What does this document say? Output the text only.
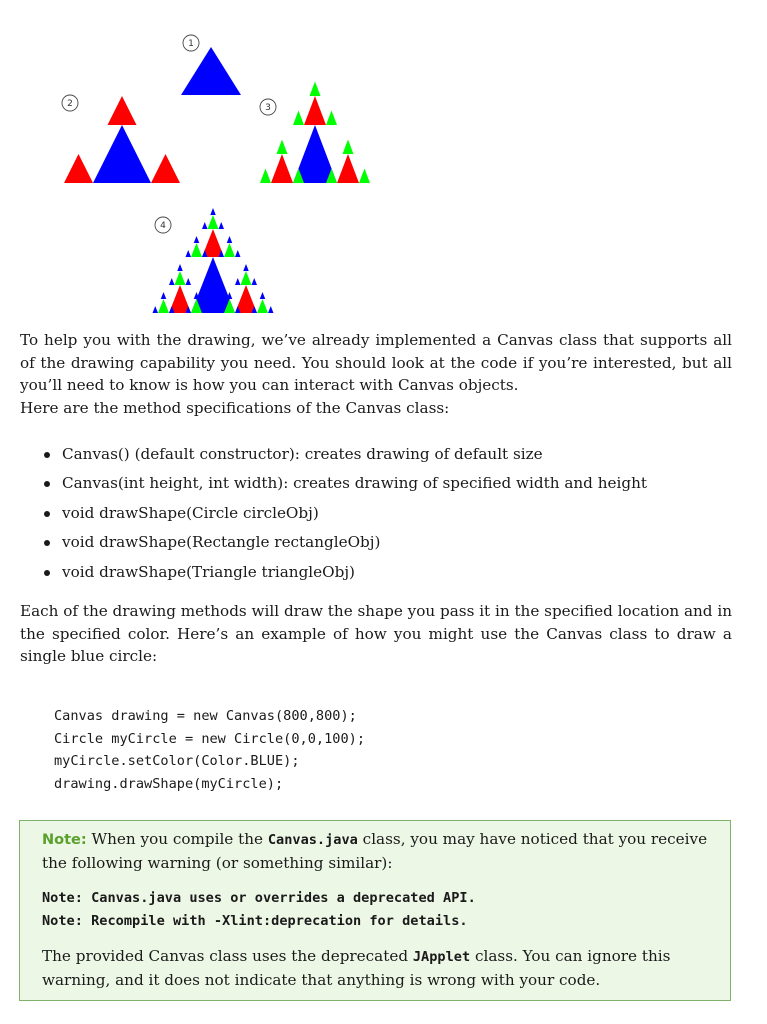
1
2	3
4

To help you with the drawing, we’ve already implemented a Canvas class that supports all of the drawing capability you need. You should look at the code if you’re interested, but all you’ll need to know is how you can interact with Canvas objects.

Here are the method specifications of the Canvas class:

Canvas() (default constructor): creates drawing of default size
Canvas(int height, int width): creates drawing of specified width and height
void drawShape(Circle circleObj)
void drawShape(Rectangle rectangleObj)
void drawShape(Triangle triangleObj)

Each of the drawing methods will draw the shape you pass it in the specified location and in the specified color. Here’s an example of how you might use the Canvas class to draw a single blue circle:

Canvas drawing = new Canvas(800,800);
Circle myCircle = new Circle(0,0,100);
myCircle.setColor(Color.BLUE);
drawing.drawShape(myCircle);
Note: When you compile the Canvas.java class, you may have noticed that you receive the following warning (or something similar):
Note: Canvas.java uses or overrides a deprecated API.
Note: Recompile with -Xlint:deprecation for details.
The provided Canvas class uses the deprecated JApplet class. You can ignore this warning, and it does not indicate that anything is wrong with your code.
